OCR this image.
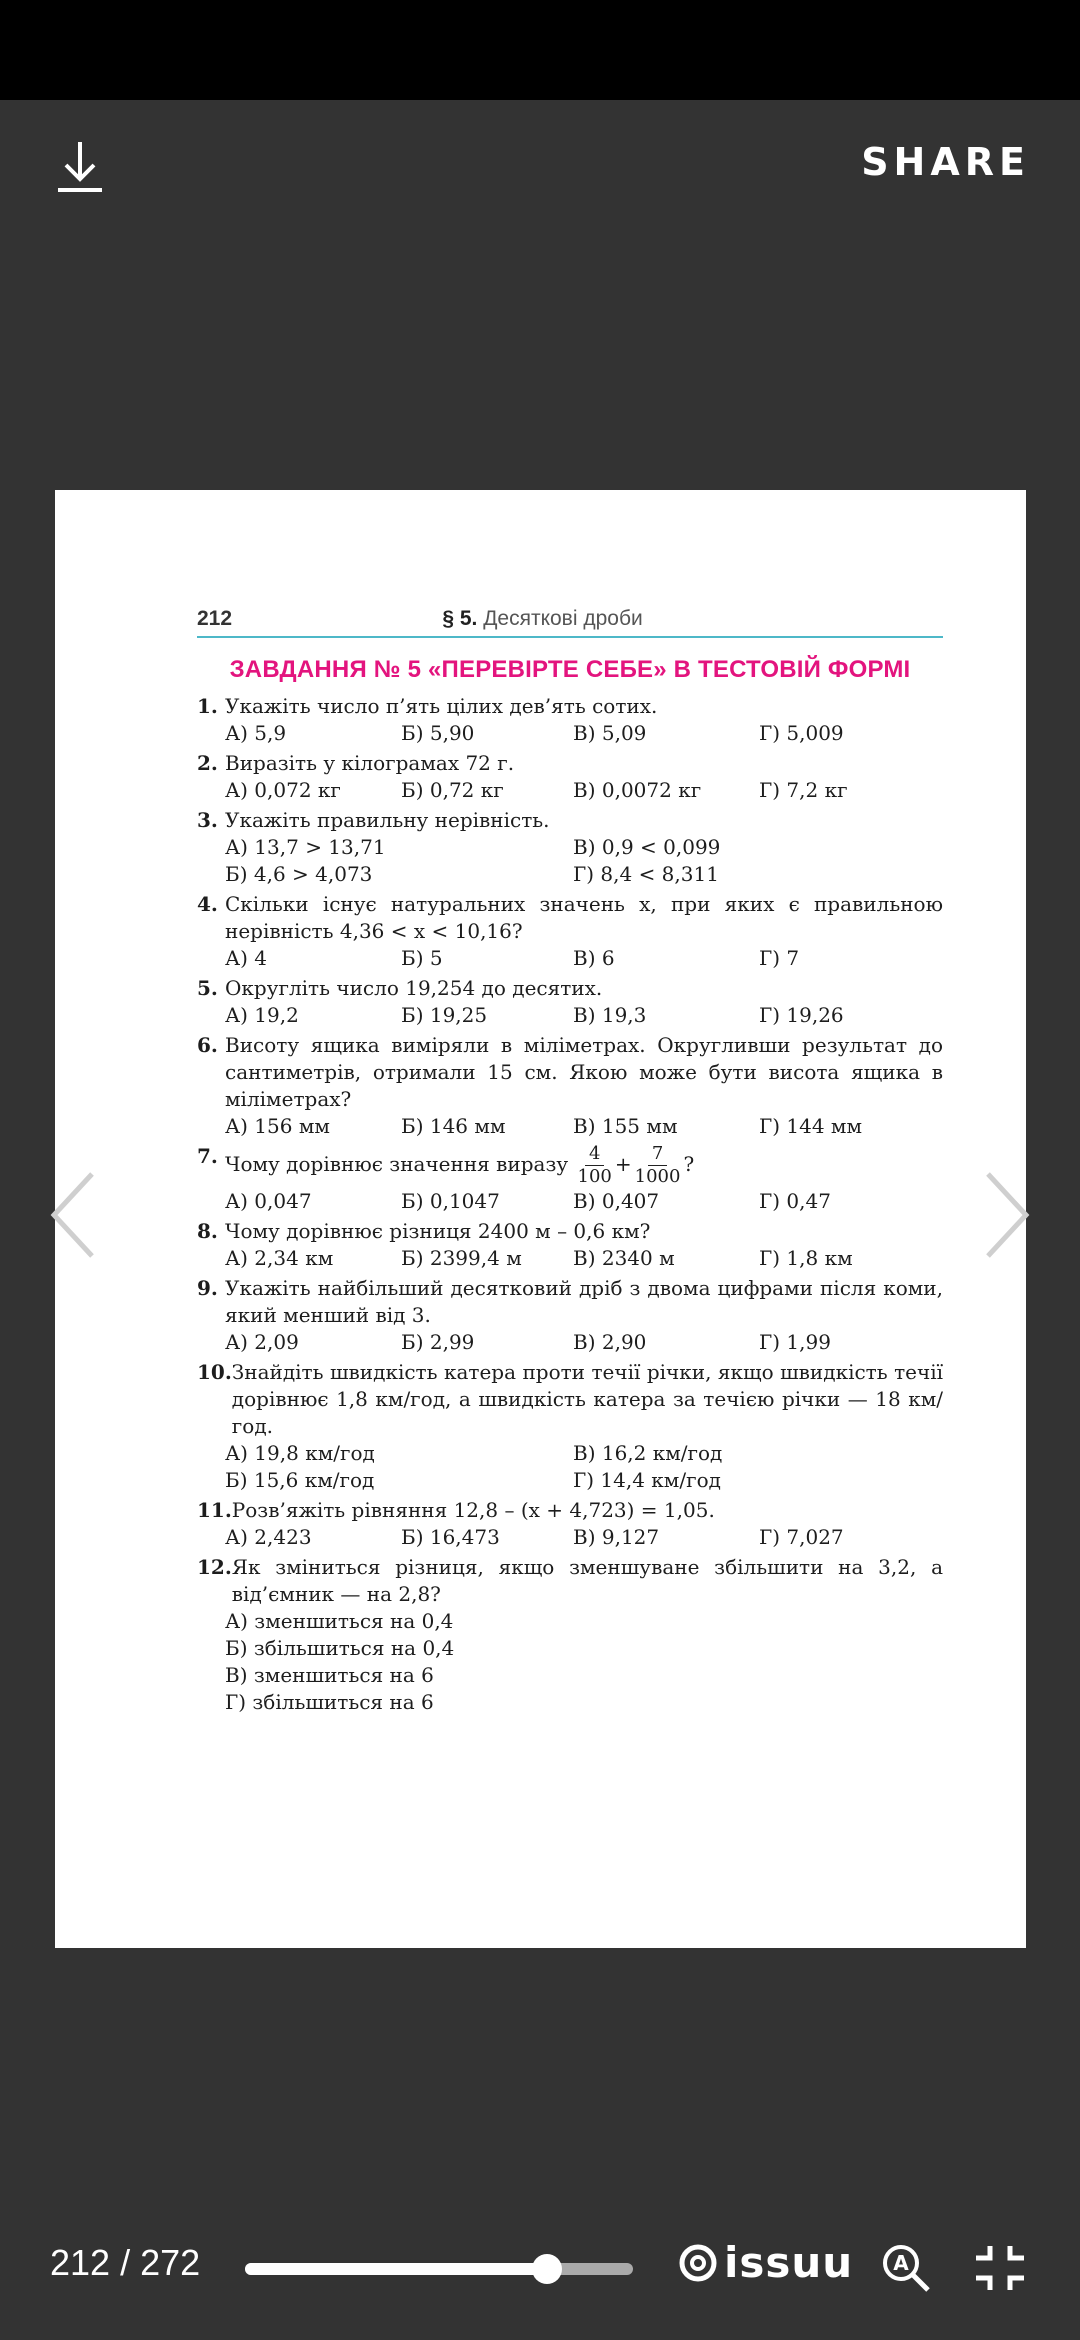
SHARE
212	§ 5. Десяткові дроби
ЗАВДАННЯ № 5 «ПЕРЕВІРТЕ СЕБЕ» В ТЕСТОВІЙ ФОРМІ
1. Укажіть число п’ять цілих дев’ять сотих.
А) 5,9	Б) 5,90	В) 5,09	Г) 5,009
2. Виразіть у кілограмах 72 г.
А) 0,072 кг	Б) 0,72 кг	В) 0,0072 кг	Г) 7,2 кг
3. Укажіть правильну нерівність.
А) 13,7 > 13,71	В) 0,9 < 0,099
Б) 4,6 > 4,073	Г) 8,4 < 8,311
4. Скільки існує натуральних значень x, при яких є правильною нерівність 4,36 < x < 10,16?
А) 4	Б) 5	В) 6	Г) 7
5. Округліть число 19,254 до десятих.
А) 19,2	Б) 19,25	В) 19,3	Г) 19,26
6. Висоту ящика виміряли в міліметрах. Округливши результат до сантиметрів, отримали 15 см. Якою може бути висота ящика в міліметрах?
А) 156 мм	Б) 146 мм	В) 155 мм	Г) 144 мм
7. Чому дорівнює значення виразу $\frac{4}{100} + \frac{7}{1000}$ ?
А) 0,047	Б) 0,1047	В) 0,407	Г) 0,47
8. Чому дорівнює різниця 2400 м – 0,6 км?
А) 2,34 км	Б) 2399,4 м	В) 2340 м	Г) 1,8 км
9. Укажіть найбільший десятковий дріб з двома цифрами після коми, який менший від 3.
А) 2,09	Б) 2,99	В) 2,90	Г) 1,99
10. Знайдіть швидкість катера проти течії річки, якщо швидкість течії дорівнює 1,8 км/год, а швидкість катера за течією річки — 18 км/год.
А) 19,8 км/год	В) 16,2 км/год
Б) 15,6 км/год	Г) 14,4 км/год
11. Розв’яжіть рівняння 12,8 – (x + 4,723) = 1,05.
А) 2,423	Б) 16,473	В) 9,127	Г) 7,027
12. Як зміниться різниця, якщо зменшуване збільшити на 3,2, а від’ємник — на 2,8?
А) зменшиться на 0,4
Б) збільшиться на 0,4
В) зменшиться на 6
Г) збільшиться на 6
212 / 272	issuu A
